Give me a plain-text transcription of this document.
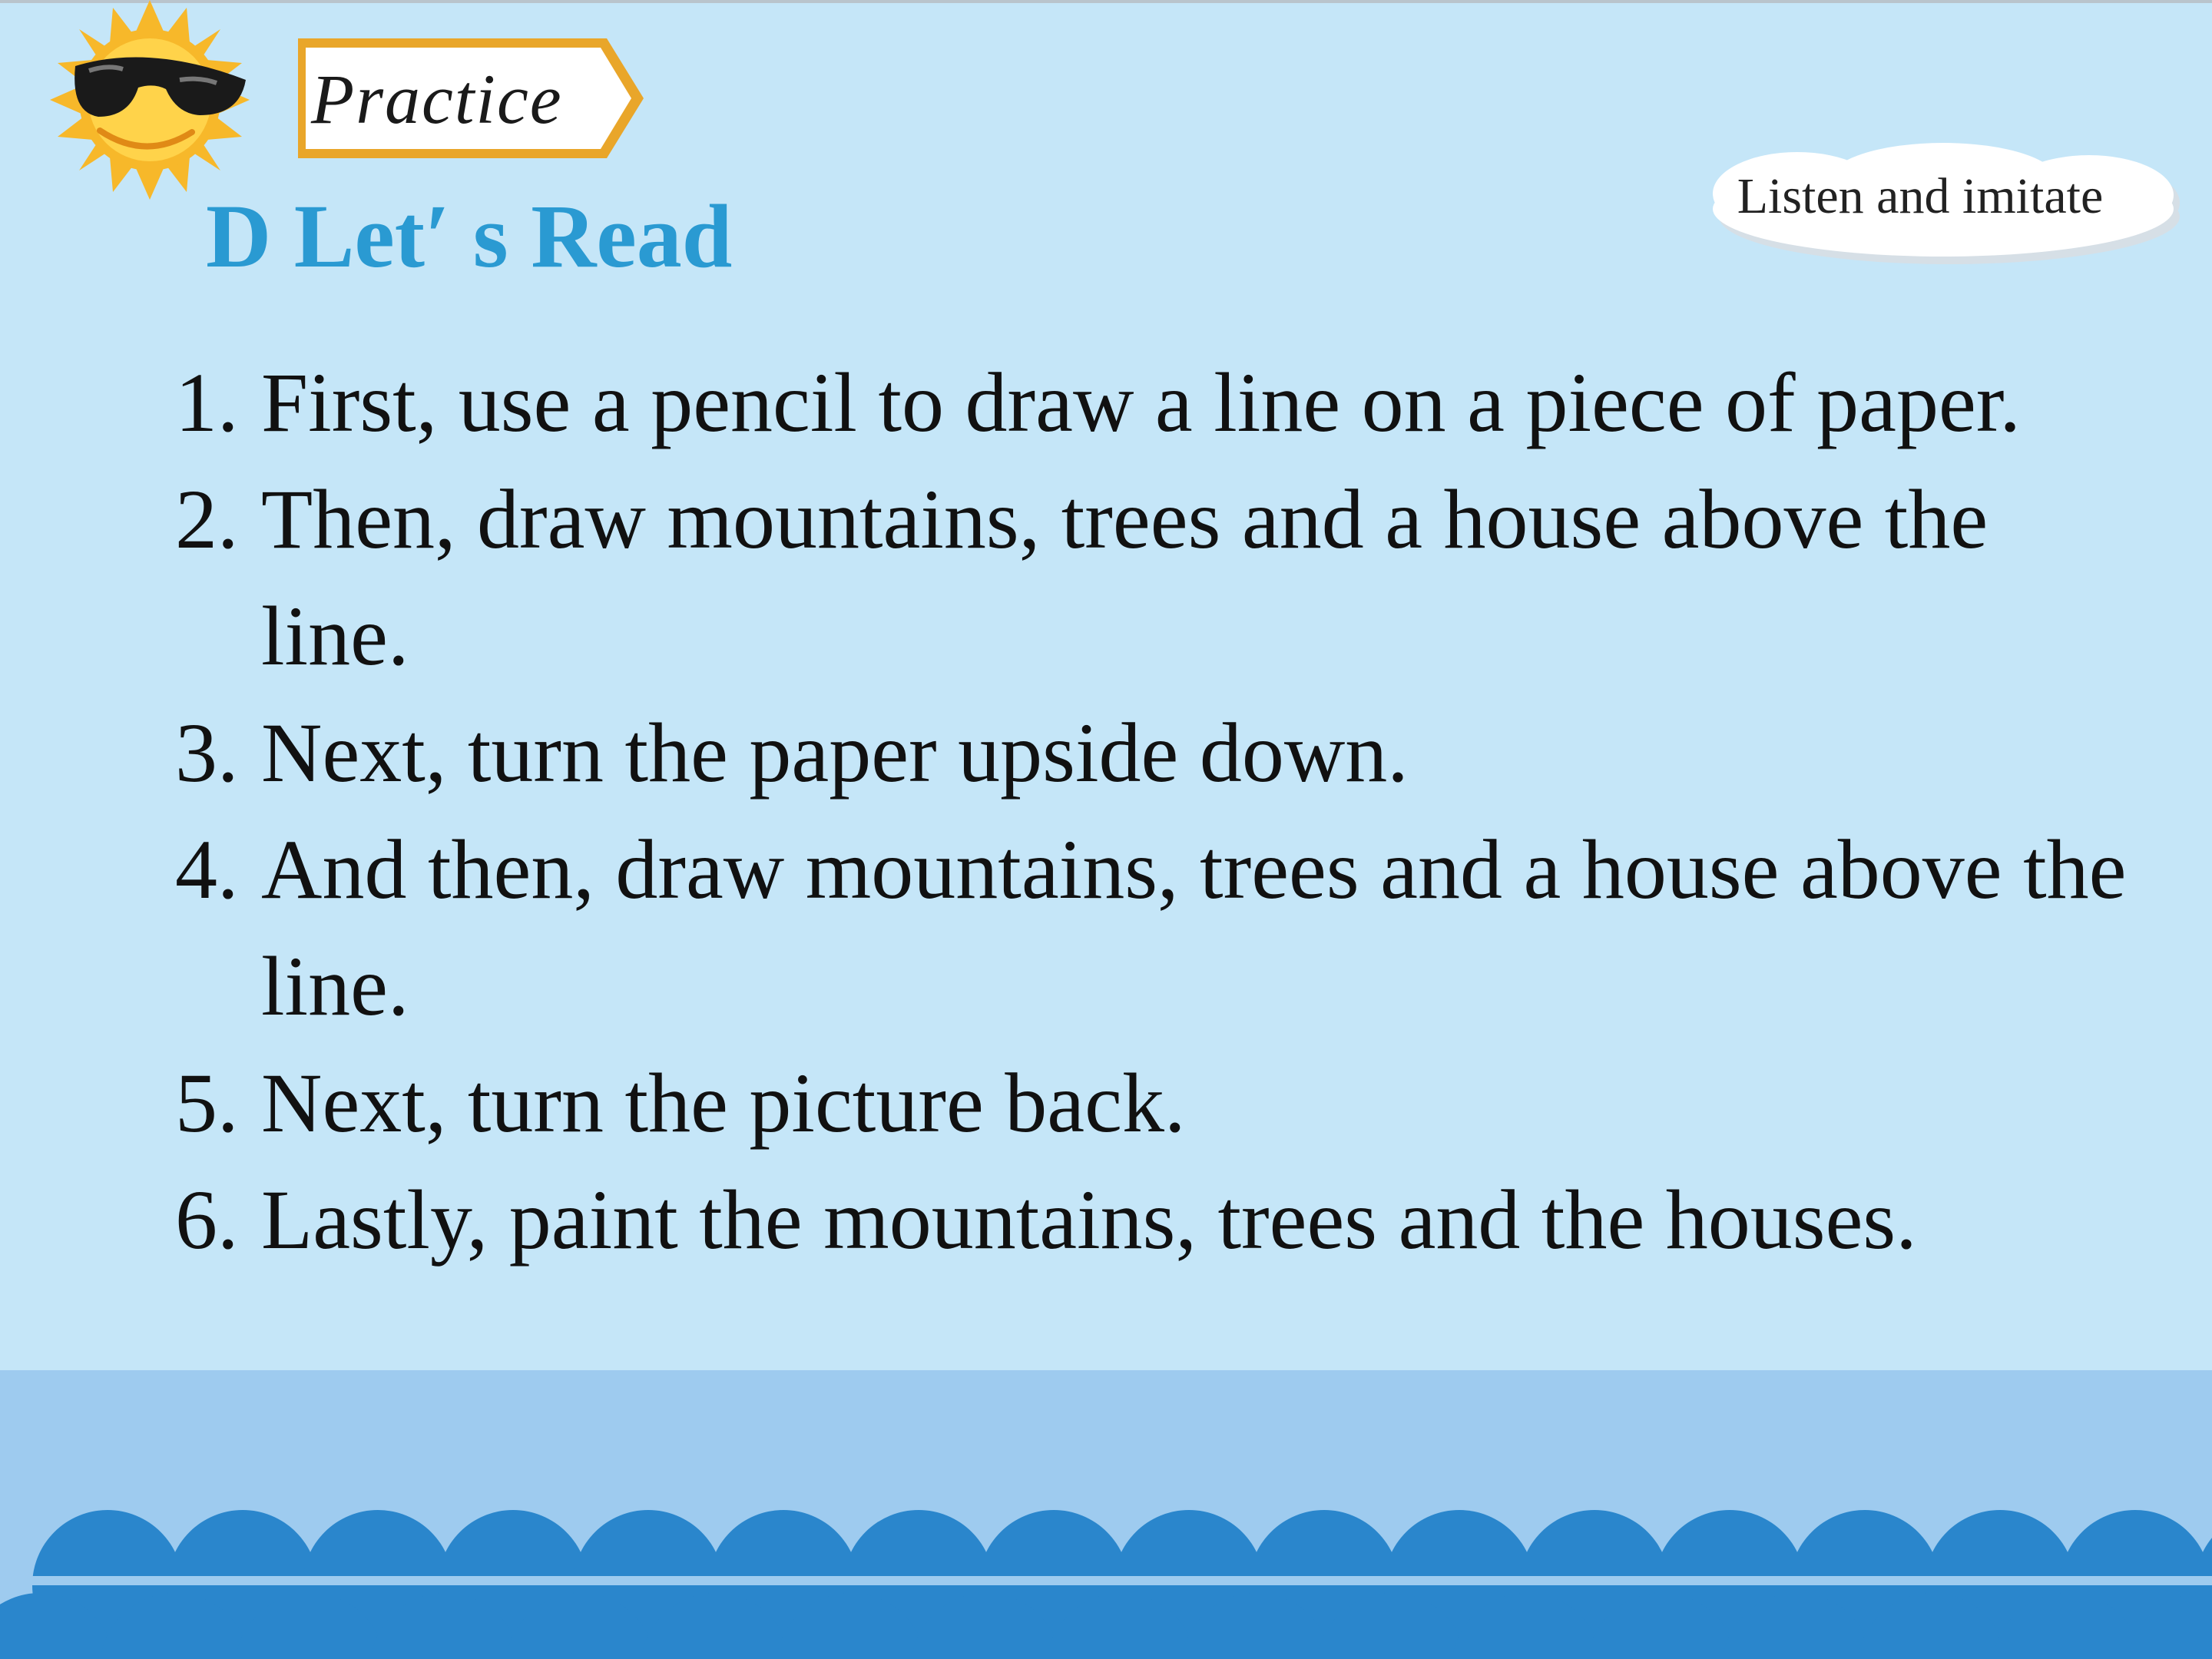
Practice
D Let′ s Read	Listen and imitate
1. First, use a pencil to draw a line on a piece of paper.
2. Then, draw mountains, trees and a house above the line.
3. Next, turn the paper upside down.
4. And then, draw mountains, trees and a house above the line.
5. Next, turn the picture back.
6. Lastly, paint the mountains, trees and the houses.
